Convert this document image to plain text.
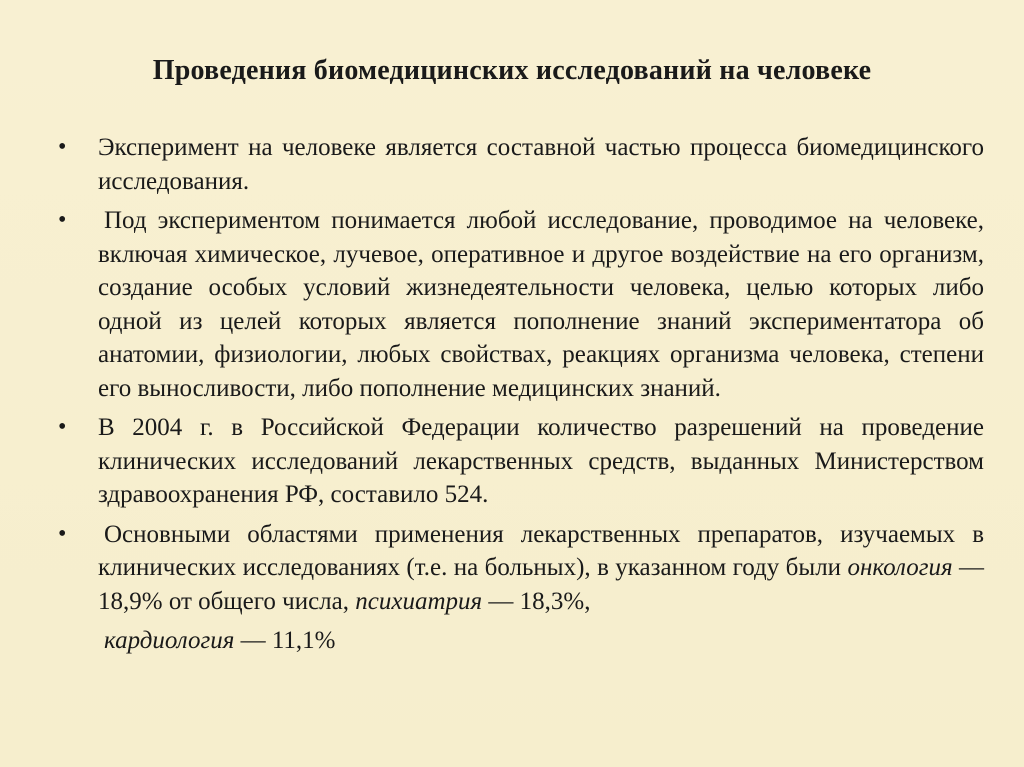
Проведения биомедицинских исследований на человеке
• Эксперимент на человеке является составной частью процесса биомедицинского исследования.
• Под экспериментом понимается любой исследование, проводимое на человеке, включая химическое, лучевое, оперативное и другое воздействие на его организм, создание особых условий жизнедеятельности человека, целью которых либо одной из целей которых является пополнение знаний экспериментатора об анатомии, физиологии, любых свойствах, реакциях организма человека, степени его выносливости, либо пополнение медицинских знаний.
• В 2004 г. в Российской Федерации количество разрешений на проведение клинических исследований лекарственных средств, выданных Министерством здравоохранения РФ, составило 524.
• Основными областями применения лекарственных препаратов, изучаемых в клинических исследованиях (т.е. на больных), в указанном году были онкология — 18,9% от общего числа, психиатрия — 18,3%,
кардиология — 11,1%
